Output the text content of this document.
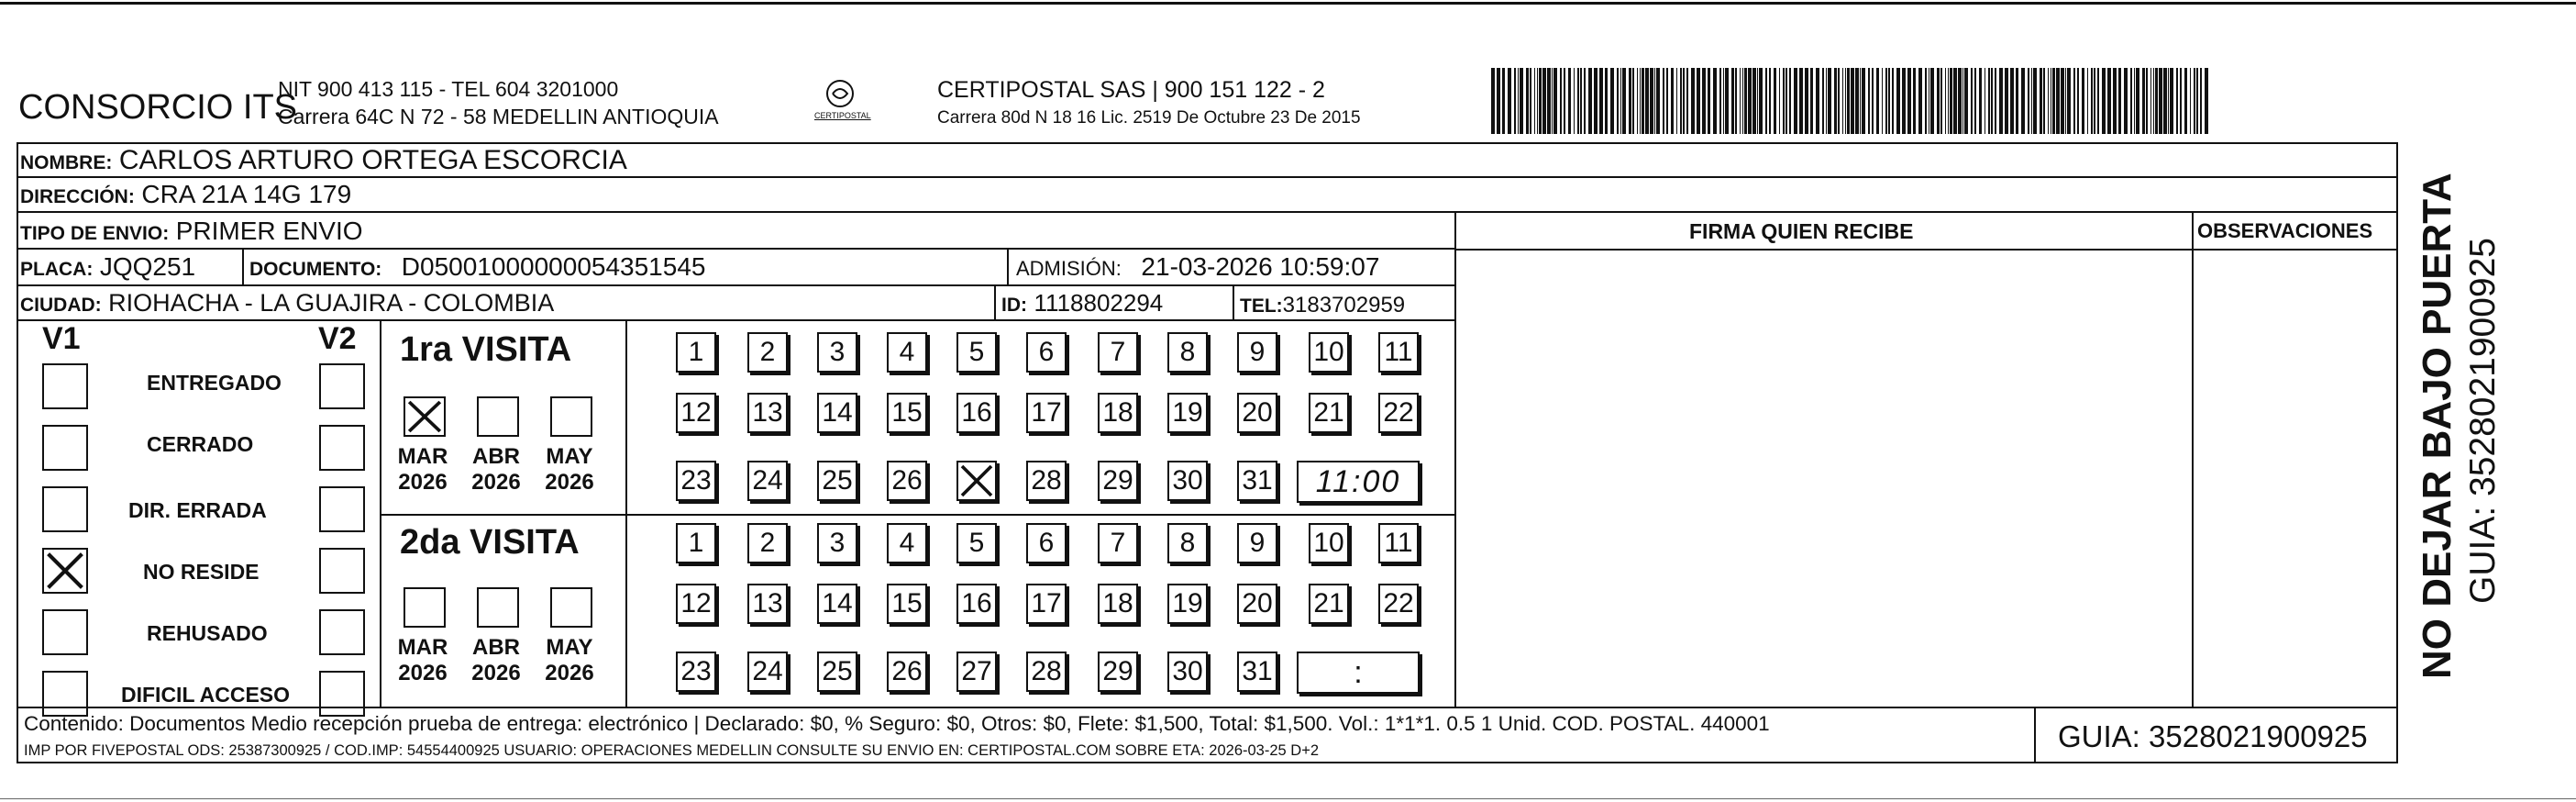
CONSORCIO ITS
NIT 900 413 115 - TEL 604 3201000
Carrera 64C N 72 - 58 MEDELLIN ANTIOQUIA	CERTIPOSTAL
CERTIPOSTAL SAS | 900 151 122 - 2
Carrera 80d N 18 16 Lic. 2519 De Octubre 23 De 2015
NOMBRE: CARLOS ARTURO ORTEGA ESCORCIA
DIRECCIÓN: CRA 21A 14G 179
TIPO DE ENVIO: PRIMER ENVIO	FIRMA QUIEN RECIBE	OBSERVACIONES
PLACA: JQQ251	DOCUMENTO: D05001000000054351545	ADMISIÓN: 21-03-2026 10:59:07
CIUDAD: RIOHACHA - LA GUAJIRA - COLOMBIA	ID: 1118802294	TEL:3183702959
V1	V2
ENTREGADO
CERRADO
DIR. ERRADA
NO RESIDE
REHUSADO
DIFICIL ACCESO
1ra VISITA
2da VISITA
MAR
2026
ABR
2026
MAY
2026
1	2	3	4	5	6	7	8	9	10 11
12 13 14 15 16 17 18 19 20 21 22
23 24 25 26	28 29 30 31	11:00
MAR
2026
ABR
2026
MAY
2026
1	2	3	4	5	6	7	8	9	10 11
12 13 14 15 16 17 18 19 20 21 22
23 24 25 26 27 28 29 30 31	:
Contenido: Documentos Medio recepción prueba de entrega: electrónico | Declarado: $0, % Seguro: $0, Otros: $0, Flete: $1,500, Total: $1,500. Vol.: 1*1*1. 0.5 1 Unid. COD. POSTAL. 440001
IMP POR FIVEPOSTAL ODS: 25387300925 / COD.IMP: 54554400925 USUARIO: OPERACIONES MEDELLIN CONSULTE SU ENVIO EN: CERTIPOSTAL.COM SOBRE ETA: 2026-03-25 D+2	GUIA: 3528021900925
NO DEJAR BAJO PUERTA GUIA: 3528021900925
